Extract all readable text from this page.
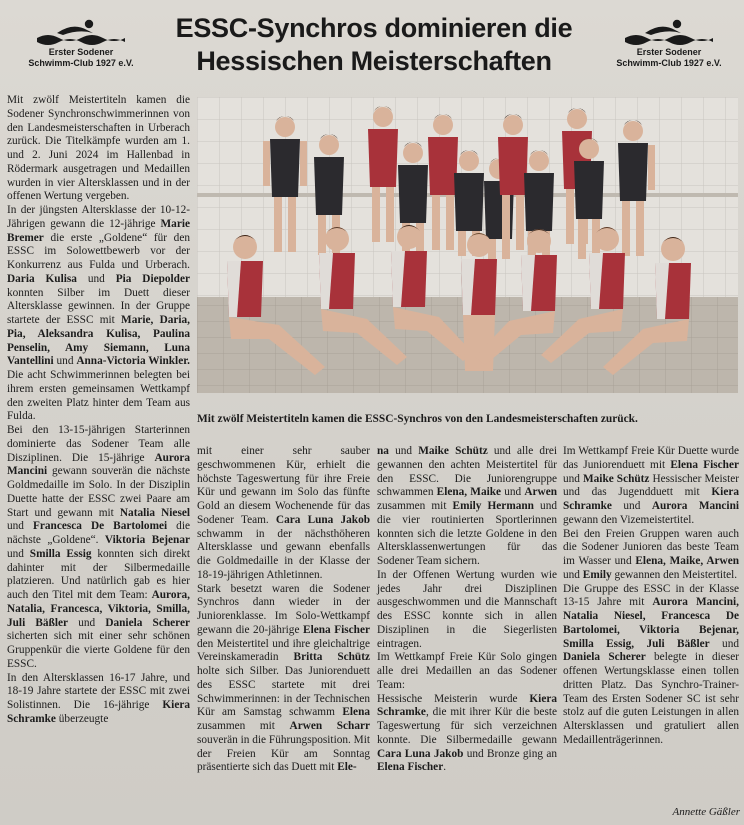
Erster Sodener
Schwimm-Club 1927 e.V.
ESSC-Synchros dominieren die
Hessischen Meisterschaften	Erster Sodener
Schwimm-Club 1927 e.V.

Mit zwölf Meistertiteln kamen die Sodener Synchronschwimmerinnen von den Landesmeisterschaften in Urberach zurück. Die Titelkämpfe wurden am 1. und 2. Juni 2024 im Hallenbad in Rödermark ausgetragen und Medaillen wurden in vier Altersklassen und in der offenen Wertung vergeben.

In der jüngsten Altersklasse der 10-12-Jährigen gewann die 12-jährige Marie Bremer die erste „Goldene“ für den ESSC im Solowettbewerb vor der Konkurrenz aus Fulda und Urberach. Daria Kulisa und Pia Diepolder konnten Silber im Duett dieser Altersklasse gewinnen. In der Gruppe startete der ESSC mit Marie, Daria, Pia, Aleksandra Kulisa, Paulina Penselin, Amy Siemann, Luna Vantellini und Anna-Victoria Winkler. Die acht Schwimmerinnen belegten bei ihrem ersten gemeinsamen Wettkampf den zweiten Platz hinter dem Team aus Fulda.

Bei den 13-15-jährigen Starterinnen dominierte das Sodener Team alle Disziplinen. Die 15-jährige Aurora Mancini gewann souverän die nächste Goldmedaille im Solo. In der Disziplin Duette hatte der ESSC zwei Paare am Start und gewann mit Natalia Niesel und Francesca De Bartolomei die nächste „Goldene“. Viktoria Bejenar und Smilla Essig konnten sich direkt dahinter mit der Silbermedaille platzieren. Und natürlich gab es hier auch den Titel mit dem Team: Aurora, Natalia, Francesca, Viktoria, Smilla, Juli Bäßler und Daniela Scherer sicherten sich mit einer sehr schönen Gruppenkür die vierte Goldene für den ESSC.

In den Altersklassen 16-17 Jahre, und 18-19 Jahre startete der ESSC mit zwei Solistinnen. Die 16-jährige Kiera Schramke überzeugte

Mit zwölf Meistertiteln kamen die ESSC-Synchros von den Landesmeisterschaften zurück.

mit einer sehr sauber geschwommenen Kür, erhielt die höchste Tageswertung für ihre Freie Kür und gewann im Solo das fünfte Gold an diesem Wochenende für das Sodener Team. Cara Luna Jakob schwamm in der nächsthöheren Altersklasse und gewann ebenfalls die Goldmedaille in der Klasse der 18-19-jährigen Athletinnen.

Stark besetzt waren die Sodener Synchros dann wieder in der Juniorenklasse. Im Solo-Wettkampf gewann die 20-jährige Elena Fischer den Meistertitel und ihre gleichaltrige Vereinskameradin Britta Schütz holte sich Silber. Das Juniorenduett des ESSC startete mit drei Schwimmerinnen: in der Technischen Kür am Samstag schwamm Elena zusammen mit Arwen Scharr souverän in die Führungsposition. Mit der Freien Kür am Sonntag präsentierte sich das Duett mit Ele-

na und Maike Schütz und alle drei gewannen den achten Meistertitel für den ESSC. Die Juniorengruppe schwammen Elena, Maike und Arwen zusammen mit Emily Hermann und die vier routinierten Sportlerinnen konnten sich die letzte Goldene in den Altersklassenwertungen für das Sodener Team sichern.

In der Offenen Wertung wurden wie jedes Jahr drei Disziplinen ausgeschwommen und die Mannschaft des ESSC konnte sich in allen Disziplinen in die Siegerlisten eintragen.

Im Wettkampf Freie Kür Solo gingen alle drei Medaillen an das Sodener Team:

Hessische Meisterin wurde Kiera Schramke, die mit ihrer Kür die beste Tageswertung für sich verzeichnen konnte. Die Silbermedaille gewann Cara Luna Jakob und Bronze ging an Elena Fischer.

Im Wettkampf Freie Kür Duette wurde das Juniorenduett mit Elena Fischer und Maike Schütz Hessischer Meister und das Jugendduett mit Kiera Schramke und Aurora Mancini gewann den Vizemeistertitel.

Bei den Freien Gruppen waren auch die Sodener Junioren das beste Team im Wasser und Elena, Maike, Arwen und Emily gewannen den Meistertitel.

Die Gruppe des ESSC in der Klasse 13-15 Jahre mit Aurora Mancini, Natalia Niesel, Francesca De Bartolomei, Viktoria Bejenar, Smilla Essig, Juli Bäßler und Daniela Scherer belegte in dieser offenen Wertungsklasse einen tollen dritten Platz. Das Synchro-Trainer-Team des Ersten Sodener SC ist sehr stolz auf die guten Leistungen in allen Altersklassen und gratuliert allen Medaillenträgerinnen.

Annette Gäßler
